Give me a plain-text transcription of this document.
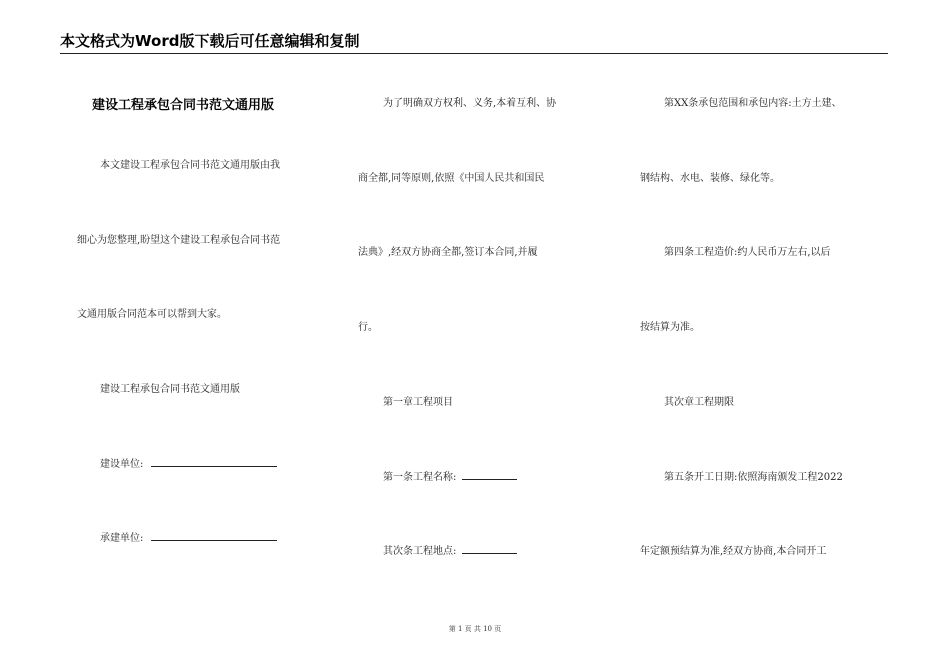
本文格式为Word版下载后可任意编辑和复制
建设工程承包合同书范文通用版
本文建设工程承包合同书范文通用版由我
细心为您整理,盼望这个建设工程承包合同书范
文通用版合同范本可以帮到大家。
建设工程承包合同书范文通用版
建设单位:
承建单位:
为了明确双方权利、义务,本着互利、协
商全都,同等原则,依照《中国人民共和国民
法典》,经双方协商全都,签订本合同,并履
行。
第一章工程项目
第一条工程名称:
其次条工程地点:
第XX条承包范围和承包内容:土方土建、
钢结构、水电、装修、绿化等。
第四条工程造价:约人民币万左右,以后
按结算为准。
其次章工程期限
第五条开工日期:依照海南颁发工程2022
年定额预结算为准,经双方协商,本合同开工
第 1 页 共 10 页
